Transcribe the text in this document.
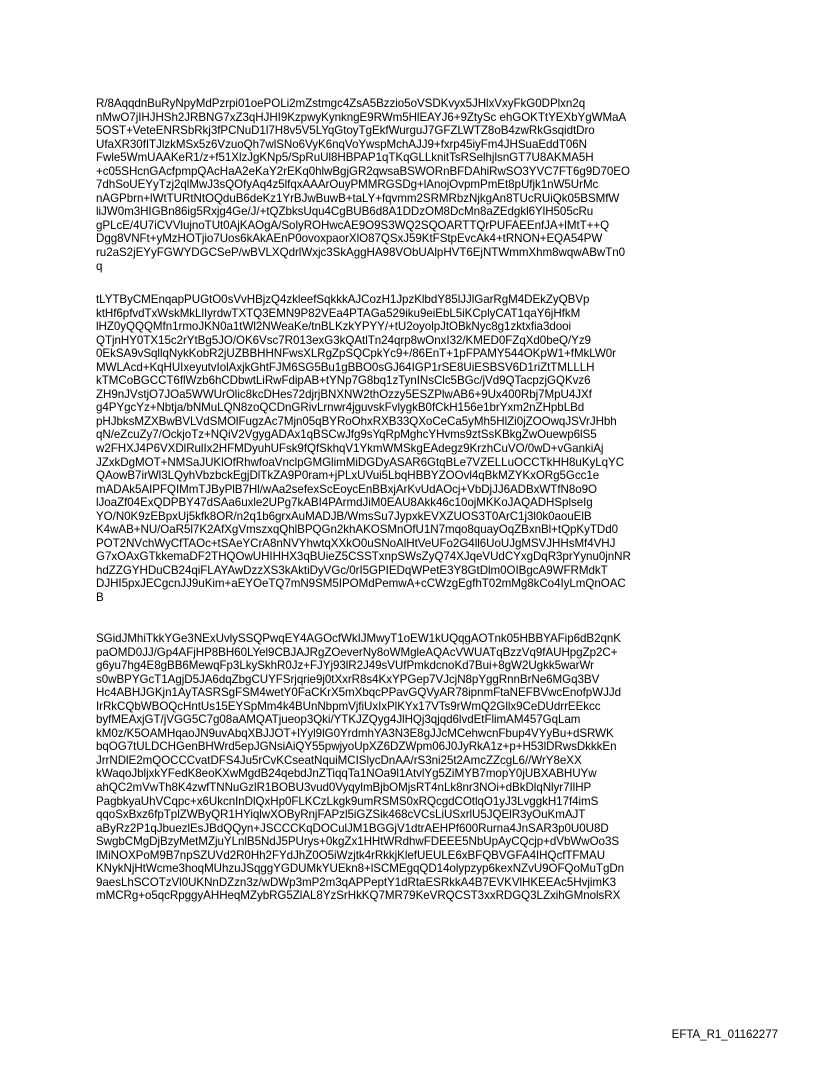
R/8AqqdnBuRyNpyMdPzrpi01oePOLi2mZstmgc4ZsA5Bzzio5oVSDKvyx5JHlxVxyFkG0DPlxn2q
nMwO7jIHJHSh2JRBNG7xZ3qHJHI9KzpwyKynkngE9RWm5HlEAYJ6+9ZtySc ehGOKTtYEXbYgWMaA
5OST+VeteENRSbRkj3fPCNuD1l7H8v5V5LYqGtoyTgEkfWurguJ7GFZLWTZ8oB4zwRkGsqidtDro
UfaXR30fITJlzkMSx5z6VzuoQh7wlSNo6VyK6nqVoYwspMchAJJ9+fxrp45iyFm4JHSuaEddT06N
Fwle5WmUAAKeR1/z+f51XlzJgKNp5/SpRuUl8HBPAP1qTKqGLLknitTsRSelhjlsnGT7U8AKMA5H
+c05SHcnGAcfpmpQAcHaA2eKaY2rEKq0hlwBgjGR2qwsaBSWORnBFDAhiRwSO3YVC7FT6g9D70EO
7dhSoUEYyTzj2qlMwJ3sQOfyAq4z5lfqxAAArOuyPMMRGSDg+lAnojOvpmPmEt8pUfjk1nW5UrMc
nAGPbrn+lWtTURtNtOQduB6deKz1YrBJwBuwB+taLY+fqvmm2SRMRbzNjkgAn8TUcRUiQk05BSMfW
liJW0m3HIGBn86ig5Rxjg4Ge/J/+tQZbksUqu4CgBUB6d8A1DDzOM8DcMn8aZEdgkl6YlH505cRu
gPLcE/4U7iCVVlujnoTUt0AjKAOgA/SolyROHwcAE9O9S3WQ2SQOARTTQrPUFAEEnfJA+lMtT++Q
Dgg8VNFt+yMzHOTjio7Uos6kAkAEnP0ovoxpaorXlO87QSxJ59KtFStpEvcAk4+tRNON+EQA54PW
ru2aS2jEYyFGWYDGCSeP/wBVLXQdrlWxjc3SkAggHA98VObUAlpHVT6EjNTWmmXhm8wqwABwTn0
q

tLYTByCMEnqapPUGtO0sVvHBjzQ4zkleefSqkkkAJCozH1JpzKlbdY85lJJlGarRgM4DEkZyQBVp
ktHf6pfvdTxWskMkLlIyrdwTXTQ3EMN9P82VEa4PTAGa529iku9eiEbL5iKCplyCAT1qaY6jHfkM
lHZ0yQQQMfn1rmoJKN0a1tWl2NWeaKe/tnBLKzkYPYY/+tU2oyolpJtOBkNyc8g1zktxfia3dooi
QTjnHY0TX15c2rYtBg5JO/OK6Vsc7R013exG3kQAtlTn24qrp8wOnxI32/KMED0FZqXd0beQ/Yz9
0EkSA9vSqllqNykKobR2jUZBBHHNFwsXLRgZpSQCpkYc9+/86EnT+1pFPAMY544OKpW1+fMkLW0r
MWLAcd+KqHUIxeyutvIolAxjkGhtFJM6SG5Bu1gBBO0sGJ64IGP1rSE8UiESBSV6D1riZtTMLLLH
kTMCoBGCCT6flWzb6hCDbwtLiRwFdipAB+tYNp7G8bq1zTynINsClc5BGc/jVd9QTacpzjGQKvz6
ZH9nJVstjO7JOa5WWUrOlic8kcDHes72djrjBNXNW2thOzzy5ESZPlwAB6+9Ux400Rbj7MpU4JXf
g4PYgcYz+Nbtja/bNMuLQN8zoQCDnGRivLrnwr4jguvskFvlygkB0fCkH156e1brYxm2nZHpbLBd
pHJbksMZXBwBVLVdSMOlFugzAc7Mjn05qBYRoOhxRXB33QXoCeCa5yMh5HlZi0jZOOwqJSVrJHbh
qN/eZcuZy7/OckjoTz+NQiV2VgygADAx1qBSCwJfg9sYqRpMghcYHvms9ztSsKBkgZwOuewp6lS5
w2FHXJ4P6VXDlRulIx2HFMDyuhUFsk9fQfSkhqV1YkmWMSkgEAdegz9KrzhCuVO/0wD+vGankiAj
JZxkDgMOT+NMSaJUKlOfRhwfoaVnclpGMGlimMiDGDyASAR6GtqBLe7VZELLuOCCTkHH8uKyLqYC
QAowB7irWl3LQyhVbzbckEgjDlTkZA9P0ram+jPLxUVui5LbqHBBYZOOvl4qBkMZYKxORg5Gcc1e
mADAk5AIPFQIMmTJByPlB7Hl/wAa2sefexScEoycEnBBxjArKvUdAOcj+VbDjJJ6ADBxWTfN8o9O
lJoaZf04ExQDPBY47dSAa6uxle2UPg7kABI4PArmdJiM0EAU8Akk46c10ojMKKoJAQADHSplseIg
YO/N0K9zEBpxUj5kfk8OR/n2q1b6grxAuMADJB/WmsSu7JypxkEVXZUOS3T0ArC1j3l0k0aouElB
K4wAB+NU/OaR5l7K2AfXgVmszxqQhlBPQGn2khAKOSMnOfU1N7mqo8quayOqZBxnBl+tQpKyTDd0
POT2NVchWyCfTAOc+tSAeYCrA8nNVYhwtqXXkO0uSNoAlHtVeUFo2G4ll6UoUJgMSVJHHsMf4VHJ
G7xOAxGTkkemaDF2THQOwUHIHHX3qBUieZ5CSSTxnpSWsZyQ74XJqeVUdCYxgDqR3prYynu0jnNR
hdZZGYHDuCB24qiFLAYAwDzzXS3kAktiDyVGc/0rI5GPIEDqWPetE3Y8GtDlm0OIBgcA9WFRMdkT
DJHI5pxJECgcnJJ9uKim+aEYOeTQ7mN9SM5IPOMdPemwA+cCWzgEgfhT02mMg8kCo4IyLmQnOAC
B

SGidJMhiTkkYGe3NExUvlySSQPwqEY4AGOcfWkIJMwyT1oEW1kUQqgAOTnk05HBBYAFip6dB2qnK
paOMD0JJ/Gp4AFjHP8BH60LYel9CBJAJRgZOeverNy8oWMgleAQAcVWUATqBzzVq9fAUHpgZp2C+
g6yu7hg4E8gBB6MewqFp3LkySkhR0Jz+FJYj93lR2J49sVUfPmkdcnoKd7Bui+8gW2Ugkk5warWr
s0wBPYGcT1AgjD5JA6dqZbgCUYFSrjqrie9j0tXxrR8s4KxYPGep7VJcjN8pYggRnnBrNe6MGq3BV
Hc4ABHJGKjn1AyTASRSgFSM4wetY0FaCKrX5mXbqcPPavGQVyAR78ipnmFtaNEFBVwcEnofpWJJd
IrRkCQbWBOQcHntUs15EYSpMm4k4BUnNbpmVjfiUxIxPlKYx17VTs9rWmQ2Gllx9CeDUdrrEEkcc
byfMEAxjGT/jVGG5C7g08aAMQATjueop3Qki/YTKJZQyg4JlHQj3qjqd6lvdEtFlimAM457GqLam
kM0z/K5OAMHqaoJN9uvAbqXBJJOT+lYyl9lG0YrdmhYA3N3E8gJJcMCehwcnFbup4VYyBu+dSRWK
bqOG7tULDCHGenBHWrd5epJGNsiAiQY55pwjyoUpXZ6DZWpm06J0JyRkA1z+p+H53lDRwsDkkkEn
JrrNDlE2mQOCCCvatDFS4Ju5rCvKCseatNquiMCISlycDnAA/rS3ni25t2AmcZZcgL6//WrY8eXX
kWaqoJbljxkYFedK8eoKXwMgdB24qebdJnZTiqqTa1NOa9l1AtvlYg5ZiMYB7mopY0jUBXABHUYw
ahQC2mVwTh8K4zwfTNNuGzlR1BOBU3vud0VyqylmBjbOMjsRT4nLk8nr3NOi+dBkDlqNlyr7IlHP
PagbkyaUhVCqpc+x6UkcnInDlQxHp0FLKCzLkgk9umRSMS0xRQcgdCOtlqO1yJ3LvggkH17f4imS
qqoSxBxz6fpTplZWByQR1HYiqlwXOByRnjFAPzl5iGZSik468cVCsLiUSxrlU5JQElR3yOuKmAJT
aByRz2P1qJbuezlEsJBdQQyn+JSCCCKqDOCulJM1BGGjV1dtrAEHPf600Rurna4JnSAR3p0U0U8D
SwgbCMgDjBzyMetMZjuYLnlB5NdJ5PUrys+0kgZx1HHtWRdhwFDEEE5NbUpAyCQcjp+dVbWwOo3S
lMiNOXPoM9B7npSZUVd2R0Hh2FYdJhZ0O5iWzjtk4rRkkjKlefUEULE6xBFQBVGFA4IHQcfTFMAU
KNykNjHtWcme3hoqMUhzuJSqggYGDUMkYUEkn8+lSCMEgqQD14olypzyp6kexNZvU9OFQoMuTgDn
9aesLhSCOTzVl0UKNnDZzn3z/wDWp3mP2m3qAPPeptY1dRtaESRkkA4B7EVKVlHKEEAc5HvjimK3
mMCRg+o5qcRpggyAHHeqMZybRG5ZlAL8YzSrHkKQ7MR79KeVRQCST3xxRDGQ3LZxihGMnolsRX

EFTA_R1_01162277
